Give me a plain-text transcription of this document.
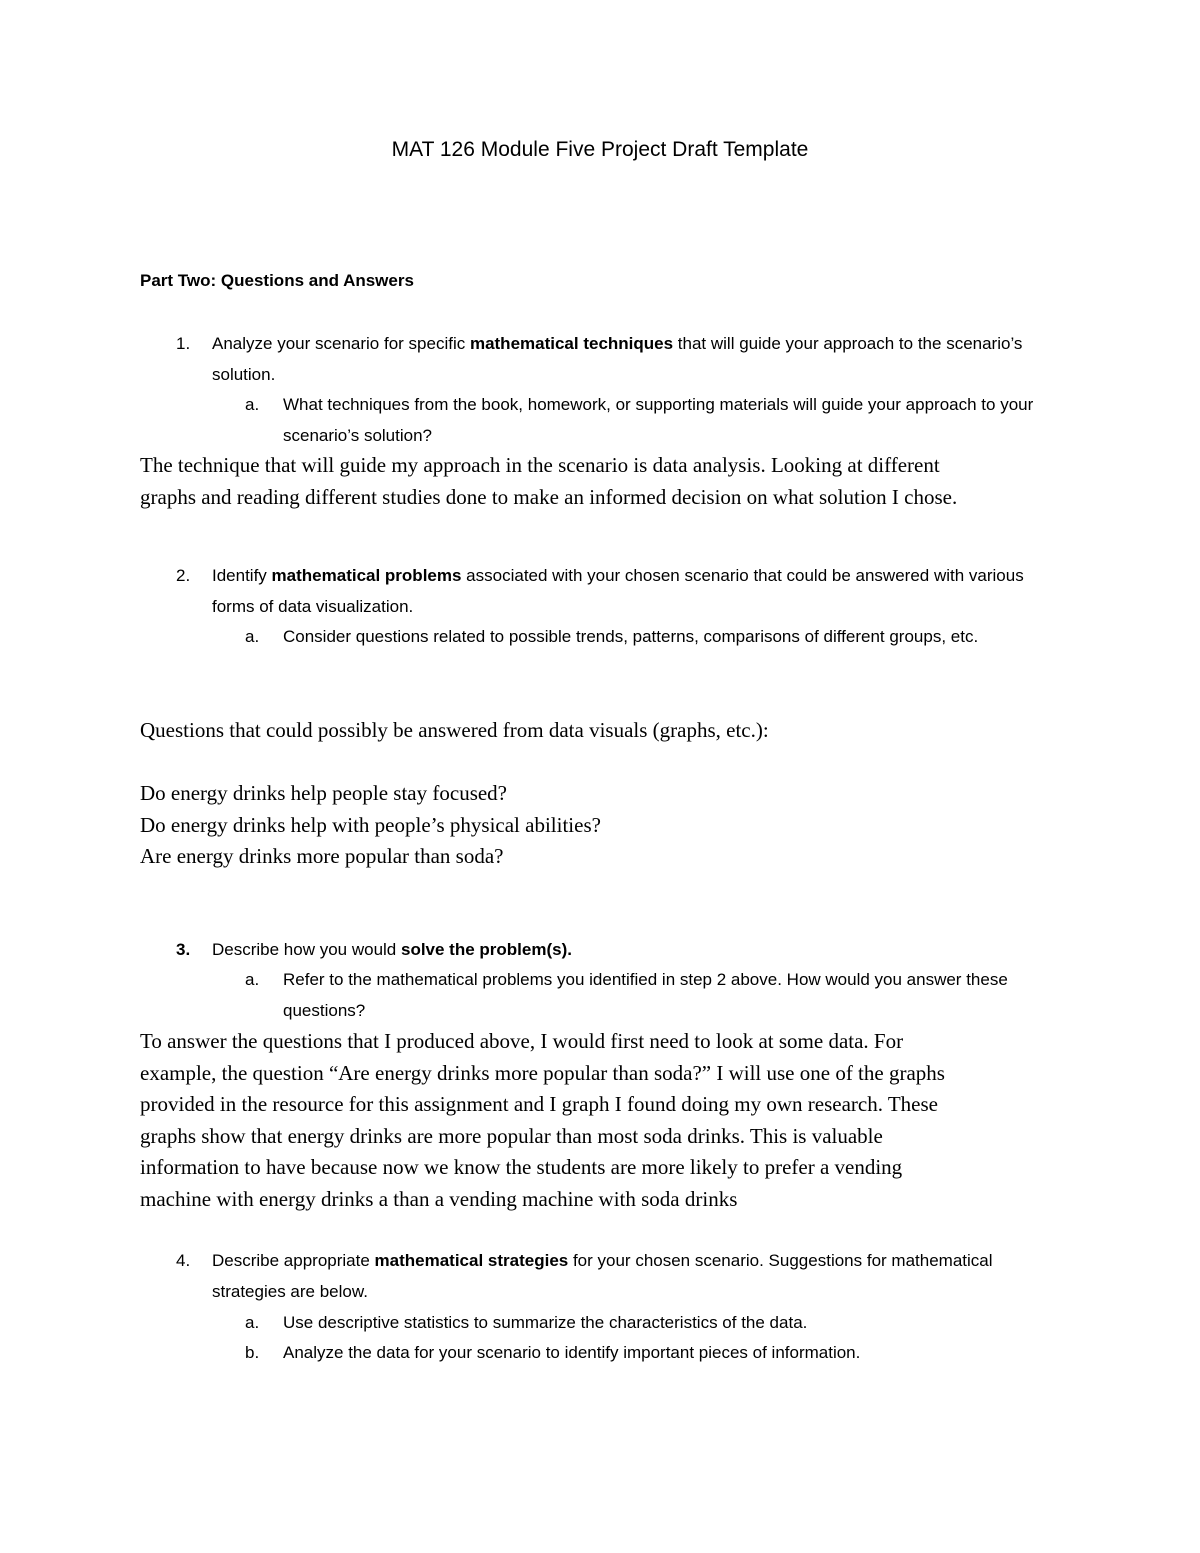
MAT 126 Module Five Project Draft Template

Part Two: Questions and Answers

1. Analyze your scenario for specific mathematical techniques that will guide your approach to the scenario’s solution.
a. What techniques from the book, homework, or supporting materials will guide your approach to your scenario’s solution?
The technique that will guide my approach in the scenario is data analysis. Looking at different
graphs and reading different studies done to make an informed decision on what solution I chose.
2. Identify mathematical problems associated with your chosen scenario that could be answered with various forms of data visualization.
a. Consider questions related to possible trends, patterns, comparisons of different groups, etc.

Questions that could possibly be answered from data visuals (graphs, etc.):

Do energy drinks help people stay focused?
Do energy drinks help with people’s physical abilities?
Are energy drinks more popular than soda?
3. Describe how you would solve the problem(s).
a. Refer to the mathematical problems you identified in step 2 above. How would you answer these questions?
To answer the questions that I produced above, I would first need to look at some data. For
example, the question “Are energy drinks more popular than soda?” I will use one of the graphs
provided in the resource for this assignment and I graph I found doing my own research. These
graphs show that energy drinks are more popular than most soda drinks. This is valuable
information to have because now we know the students are more likely to prefer a vending
machine with energy drinks a than a vending machine with soda drinks
4. Describe appropriate mathematical strategies for your chosen scenario. Suggestions for mathematical strategies are below.
a. Use descriptive statistics to summarize the characteristics of the data.
b. Analyze the data for your scenario to identify important pieces of information.
